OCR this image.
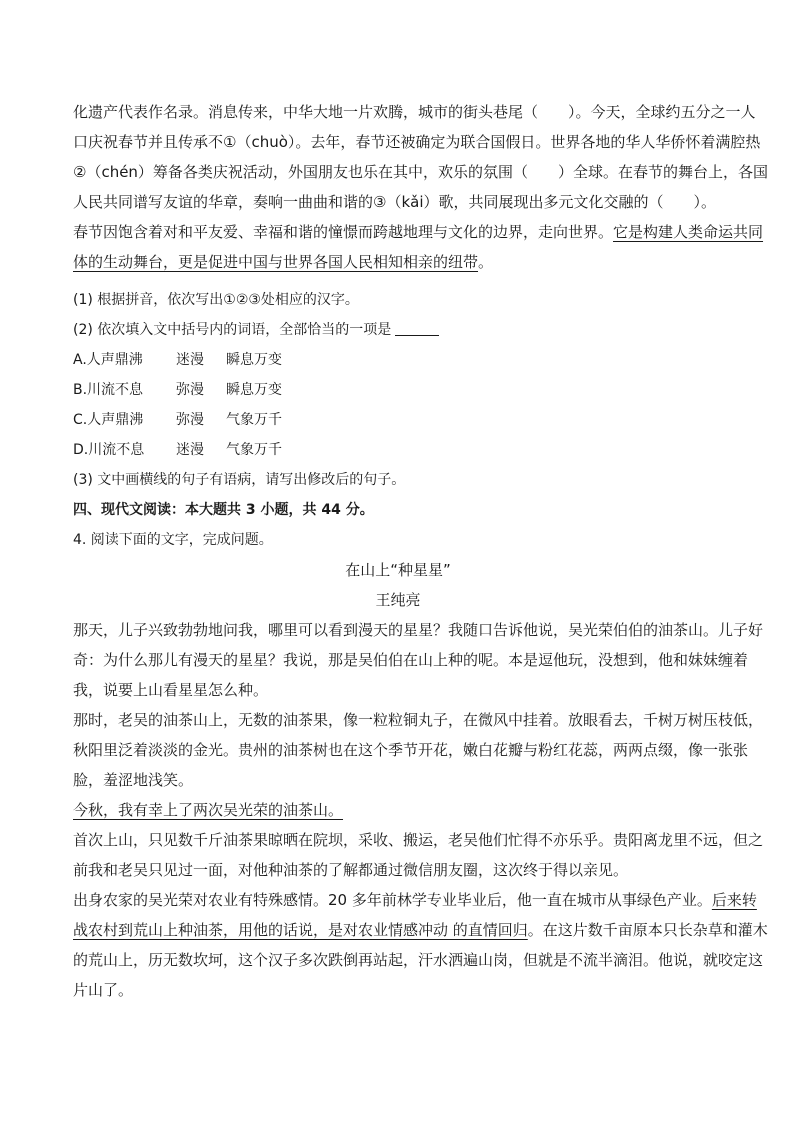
化遗产代表作名录。消息传来，中华大地一片欢腾，城市的街头巷尾（　　）。今天，全球约五分之一人

口庆祝春节并且传承不①（chuò）。去年，春节还被确定为联合国假日。世界各地的华人华侨怀着满腔热

②（chén）筹备各类庆祝活动，外国朋友也乐在其中，欢乐的氛围（　　）全球。在春节的舞台上，各国

人民共同谱写友谊的华章，奏响一曲曲和谐的③（kǎi）歌，共同展现出多元文化交融的（　　）。

春节因饱含着对和平友爱、幸福和谐的憧憬而跨越地理与文化的边界，走向世界。它是构建人类命运共同

体的生动舞台，更是促进中国与世界各国人民相知相亲的纽带。

(1) 根据拼音，依次写出①②③处相应的汉字。

(2) 依次填入文中括号内的词语，全部恰当的一项是

A.人声鼎沸	迷漫	瞬息万变
B.川流不息	弥漫	瞬息万变
C.人声鼎沸	弥漫	气象万千
D.川流不息	迷漫	气象万千

(3) 文中画横线的句子有语病，请写出修改后的句子。

四、现代文阅读：本大题共 3 小题，共 44 分。

4. 阅读下面的文字，完成问题。

在山上“种星星”

王纯亮

那天，儿子兴致勃勃地问我，哪里可以看到漫天的星星？我随口告诉他说，吴光荣伯伯的油茶山。儿子好

奇：为什么那儿有漫天的星星？我说，那是吴伯伯在山上种的呢。本是逗他玩，没想到，他和妹妹缠着

我，说要上山看星星怎么种。

那时，老吴的油茶山上，无数的油茶果，像一粒粒铜丸子，在微风中挂着。放眼看去，千树万树压枝低，

秋阳里泛着淡淡的金光。贵州的油茶树也在这个季节开花，嫩白花瓣与粉红花蕊，两两点缀，像一张张

脸，羞涩地浅笑。

今秋，我有幸上了两次吴光荣的油茶山。

首次上山，只见数千斤油茶果晾晒在院坝，采收、搬运，老吴他们忙得不亦乐乎。贵阳离龙里不远，但之

前我和老吴只见过一面，对他种油茶的了解都通过微信朋友圈，这次终于得以亲见。

出身农家的吴光荣对农业有特殊感情。20 多年前林学专业毕业后，他一直在城市从事绿色产业。后来转

战农村到荒山上种油茶，用他的话说，是对农业情感冲动 的直情回归。在这片数千亩原本只长杂草和灌木

的荒山上，历无数坎坷，这个汉子多次跌倒再站起，汗水洒遍山岗，但就是不流半滴泪。他说，就咬定这

片山了。
